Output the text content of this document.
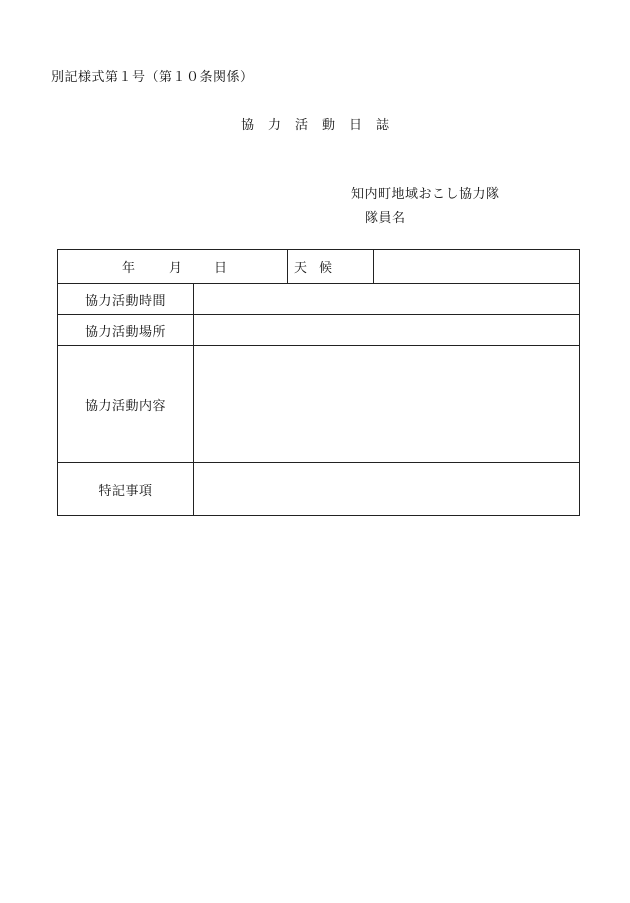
別記様式第１号（第１０条関係）
協力活動日誌
知内町地域おこし協力隊
隊員名
年 月 日		天候	
協力活動時間			
協力活動場所			
協力活動内容			
特記事項			
